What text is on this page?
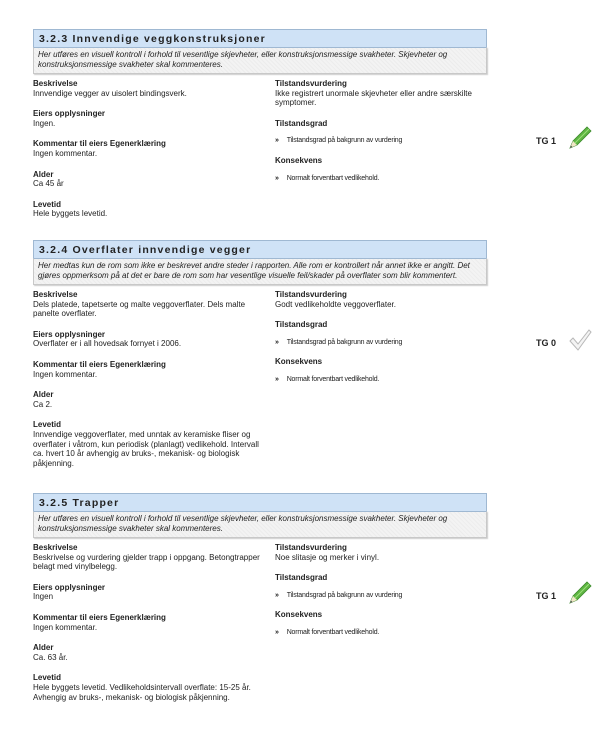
3.2.3 Innvendige veggkonstruksjoner
Her utføres en visuell kontroll i forhold til vesentlige skjevheter, eller konstruksjonsmessige svakheter. Skjevheter og konstruksjonsmessige svakheter skal kommenteres.
Beskrivelse
Innvendige vegger av uisolert bindingsverk.
Eiers opplysninger
Ingen.
Kommentar til eiers Egenerklæring
Ingen kommentar.
Alder
Ca 45 år
Levetid
Hele byggets levetid.
Tilstandsvurdering
Ikke registrert unormale skjevheter eller andre særskilte symptomer.
Tilstandsgrad
» Tilstandsgrad på bakgrunn av vurdering
Konsekvens
» Normalt forventbart vedlikehold.
TG 1
3.2.4 Overflater innvendige vegger
Her medtas kun de rom som ikke er beskrevet andre steder i rapporten. Alle rom er kontrollert når annet ikke er angitt. Det gjøres oppmerksom på at det er bare de rom som har vesentlige visuelle feil/skader på overflater som blir kommentert.
Beskrivelse
Dels platede, tapetserte og malte veggoverflater. Dels malte panelte overflater.
Eiers opplysninger
Overflater er i all hovedsak fornyet i 2006.
Kommentar til eiers Egenerklæring
Ingen kommentar.
Alder
Ca 2.
Levetid
Innvendige veggoverflater, med unntak av keramiske fliser og overflater i våtrom, kun periodisk (planlagt) vedlikehold. Intervall ca. hvert 10 år avhengig av bruks-, mekanisk- og biologisk påkjenning.
Tilstandsvurdering
Godt vedlikeholdte veggoverflater.
Tilstandsgrad
» Tilstandsgrad på bakgrunn av vurdering
Konsekvens
» Normalt forventbart vedlikehold.
TG 0
3.2.5 Trapper
Her utføres en visuell kontroll i forhold til vesentlige skjevheter, eller konstruksjonsmessige svakheter. Skjevheter og konstruksjonsmessige svakheter skal kommenteres.
Beskrivelse
Beskrivelse og vurdering gjelder trapp i oppgang. Betongtrapper belagt med vinylbelegg.
Eiers opplysninger
Ingen
Kommentar til eiers Egenerklæring
Ingen kommentar.
Alder
Ca. 63 år.
Levetid
Hele byggets levetid. Vedlikeholdsintervall overflate: 15-25 år. Avhengig av bruks-, mekanisk- og biologisk påkjenning.
Tilstandsvurdering
Noe slitasje og merker i vinyl.
Tilstandsgrad
» Tilstandsgrad på bakgrunn av vurdering
Konsekvens
» Normalt forventbart vedlikehold.
TG 1
